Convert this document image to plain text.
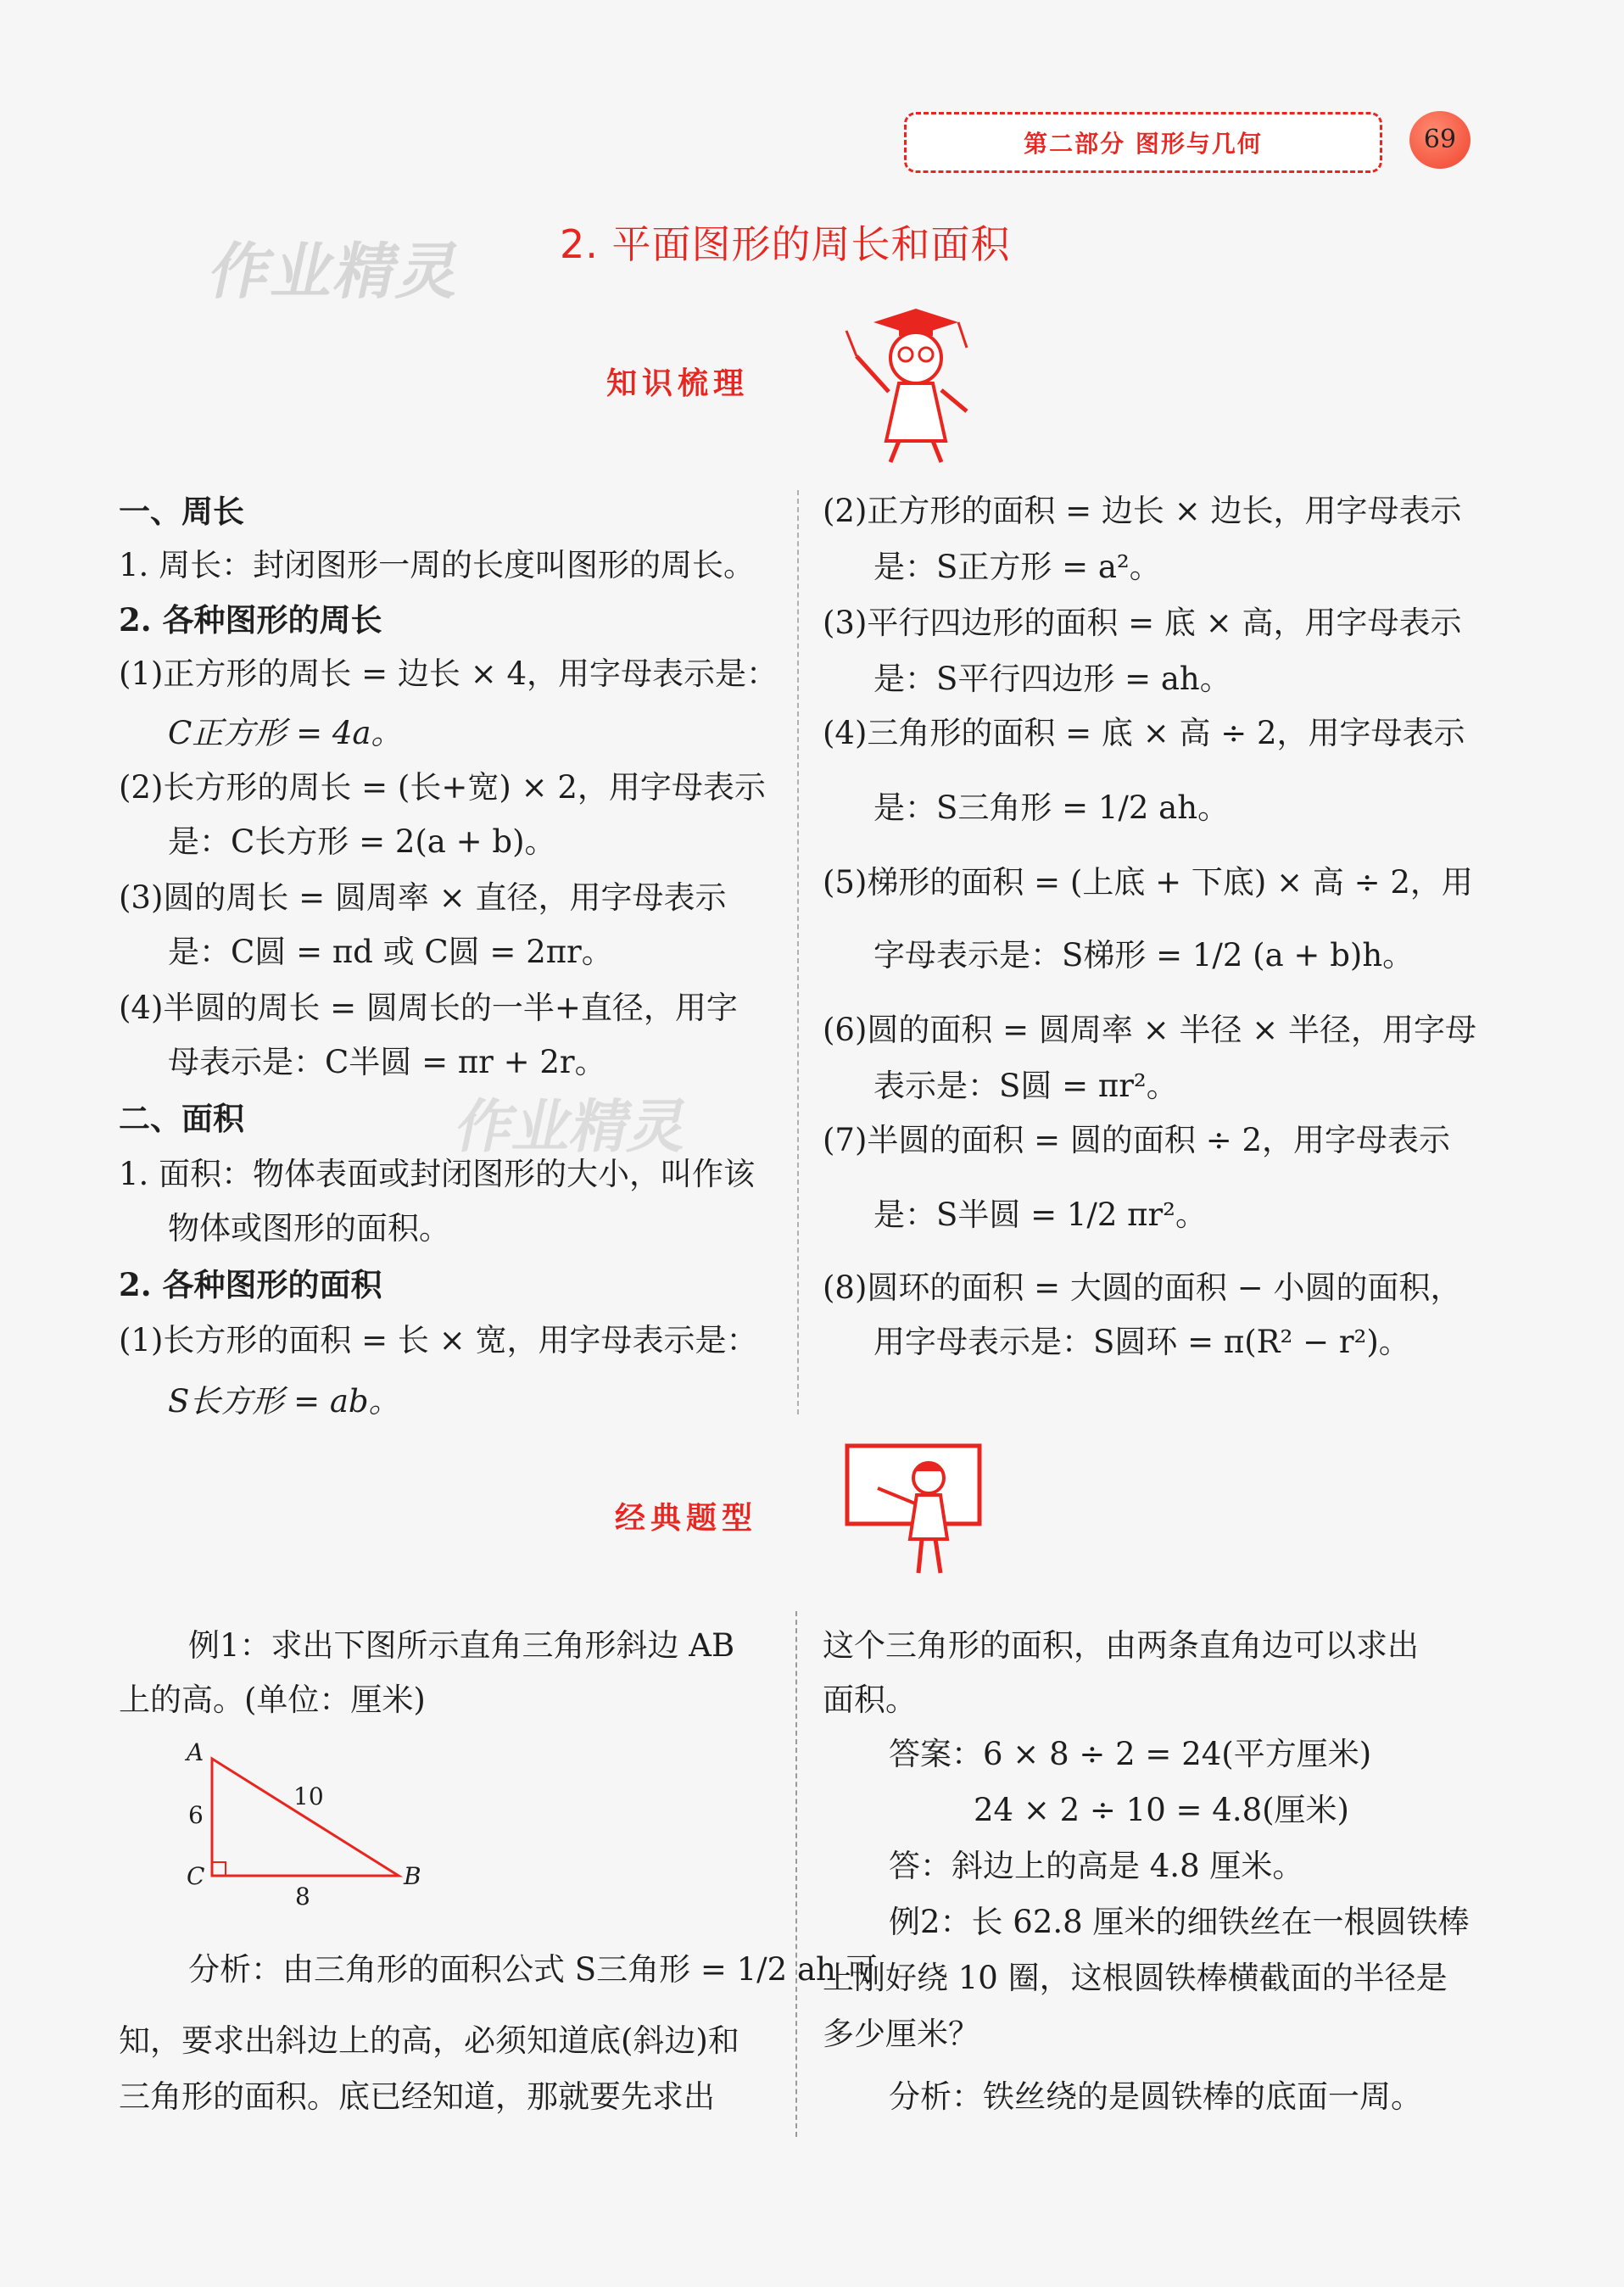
第二部分 图形与几何	69
作业精灵
作业精灵
2. 平面图形的周长和面积
知识梳理
一、周长
1. 周长：封闭图形一周的长度叫图形的周长。
2. 各种图形的周长
(1)正方形的周长 = 边长 × 4，用字母表示是：
C正方形 = 4a。
(2)长方形的周长 = (长+宽) × 2，用字母表示
是：C长方形 = 2(a + b)。
(3)圆的周长 = 圆周率 × 直径，用字母表示
是：C圆 = πd 或 C圆 = 2πr。
(4)半圆的周长 = 圆周长的一半+直径，用字
母表示是：C半圆 = πr + 2r。
二、面积
1. 面积：物体表面或封闭图形的大小，叫作该
物体或图形的面积。
2. 各种图形的面积
(1)长方形的面积 = 长 × 宽，用字母表示是：
S长方形 = ab。
(2)正方形的面积 = 边长 × 边长，用字母表示
是：S正方形 = a²。
(3)平行四边形的面积 = 底 × 高，用字母表示
是：S平行四边形 = ah。
(4)三角形的面积 = 底 × 高 ÷ 2，用字母表示
是：S三角形 = 1/2 ah。
(5)梯形的面积 = (上底 + 下底) × 高 ÷ 2，用
字母表示是：S梯形 = 1/2 (a + b)h。
(6)圆的面积 = 圆周率 × 半径 × 半径，用字母
表示是：S圆 = πr²。
(7)半圆的面积 = 圆的面积 ÷ 2，用字母表示
是：S半圆 = 1/2 πr²。
(8)圆环的面积 = 大圆的面积 − 小圆的面积，
用字母表示是：S圆环 = π(R² − r²)。
经典题型
例1：求出下图所示直角三角形斜边 AB
上的高。(单位：厘米)
A
B
C
6
8
10
分析：由三角形的面积公式 S三角形 = 1/2 ah 可
知，要求出斜边上的高，必须知道底(斜边)和
三角形的面积。底已经知道，那就要先求出
这个三角形的面积，由两条直角边可以求出
面积。
答案：6 × 8 ÷ 2 = 24(平方厘米)
24 × 2 ÷ 10 = 4.8(厘米)
答：斜边上的高是 4.8 厘米。
例2：长 62.8 厘米的细铁丝在一根圆铁棒
上刚好绕 10 圈，这根圆铁棒横截面的半径是
多少厘米？
分析：铁丝绕的是圆铁棒的底面一周。
